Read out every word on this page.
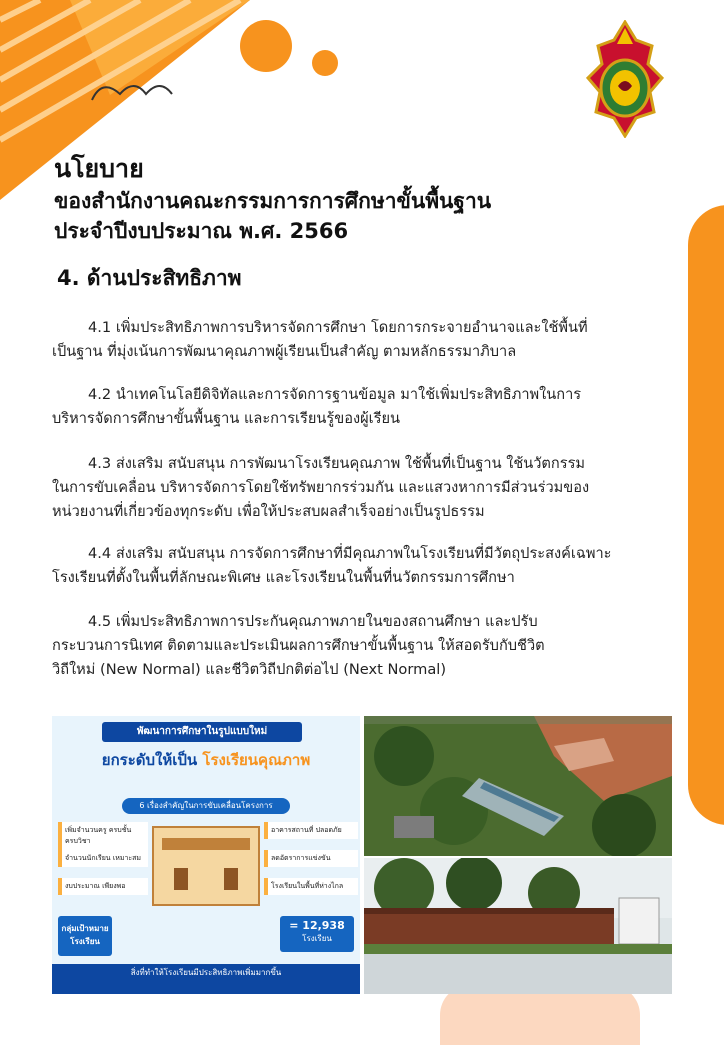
นโยบาย
ของสำนักงานคณะกรรมการการศึกษาขั้นพื้นฐาน
ประจำปีงบประมาณ พ.ศ. 2566
4. ด้านประสิทธิภาพ
4.1 เพิ่มประสิทธิภาพการบริหารจัดการศึกษา โดยการกระจายอำนาจและใช้พื้นที่
เป็นฐาน ที่มุ่งเน้นการพัฒนาคุณภาพผู้เรียนเป็นสำคัญ ตามหลักธรรมาภิบาล
4.2 นำเทคโนโลยีดิจิทัลและการจัดการฐานข้อมูล มาใช้เพิ่มประสิทธิภาพในการ
บริหารจัดการศึกษาขั้นพื้นฐาน และการเรียนรู้ของผู้เรียน
4.3 ส่งเสริม สนับสนุน การพัฒนาโรงเรียนคุณภาพ ใช้พื้นที่เป็นฐาน ใช้นวัตกรรม
ในการขับเคลื่อน บริหารจัดการโดยใช้ทรัพยากรร่วมกัน และแสวงหาการมีส่วนร่วมของ
หน่วยงานที่เกี่ยวข้องทุกระดับ เพื่อให้ประสบผลสำเร็จอย่างเป็นรูปธรรม
4.4 ส่งเสริม สนับสนุน การจัดการศึกษาที่มีคุณภาพในโรงเรียนที่มีวัตถุประสงค์เฉพาะ
โรงเรียนที่ตั้งในพื้นที่ลักษณะพิเศษ และโรงเรียนในพื้นที่นวัตกรรมการศึกษา
4.5 เพิ่มประสิทธิภาพการประกันคุณภาพภายในของสถานศึกษา และปรับ
กระบวนการนิเทศ ติดตามและประเมินผลการศึกษาขั้นพื้นฐาน ให้สอดรับกับชีวิต
วิถีใหม่ (New Normal) และชีวิตวิถีปกติต่อไป (Next Normal)
พัฒนาการศึกษาในรูปแบบใหม่
ยกระดับให้เป็น โรงเรียนคุณภาพ
6 เรื่องสำคัญในการขับเคลื่อนโครงการ
เพิ่มจำนวนครู ครบชั้น ครบวิชา
จำนวนนักเรียน เหมาะสม
งบประมาณ เพียงพอ
อาคารสถานที่ ปลอดภัย
ลดอัตราการแข่งขัน
โรงเรียนในพื้นที่ห่างไกล
กลุ่มเป้าหมาย โรงเรียน
= 12,938
โรงเรียน
สิ่งที่ทำให้โรงเรียนมีประสิทธิภาพเพิ่มมากขึ้น
